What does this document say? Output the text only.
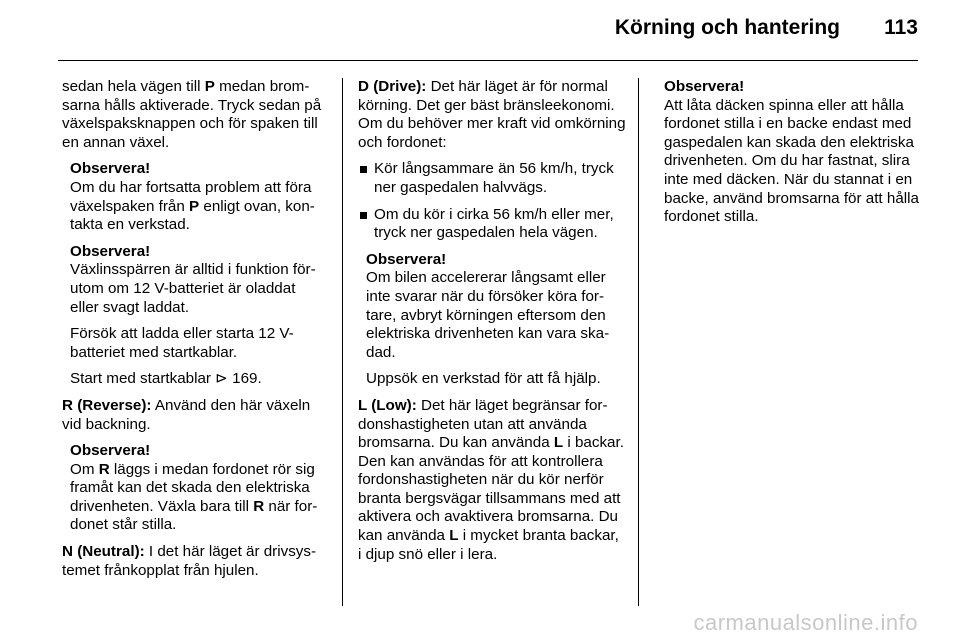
Körning och hantering 113

sedan hela vägen till P medan bromsarna hålls aktiverade. Tryck sedan på växelspaksknappen och för spaken till en annan växel.

Observera!
Om du har fortsatta problem att föra växelspaken från P enligt ovan, kontakta en verkstad.

Observera!
Växlinsspärren är alltid i funktion förutom om 12 V-batteriet är oladdat eller svagt laddat.

Försök att ladda eller starta 12 V-batteriet med startkablar.

Start med startkablar ⊳ 169.

R (Reverse): Använd den här växeln vid backning.

Observera!
Om R läggs i medan fordonet rör sig framåt kan det skada den elektriska drivenheten. Växla bara till R när fordonet står stilla.

N (Neutral): I det här läget är drivsystemet frånkopplat från hjulen.

D (Drive): Det här läget är för normal körning. Det ger bäst bränsleekonomi. Om du behöver mer kraft vid omkörning och fordonet:

Kör långsammare än 56 km/h, tryck ner gaspedalen halvvägs.
Om du kör i cirka 56 km/h eller mer, tryck ner gaspedalen hela vägen.

Observera!
Om bilen accelererar långsamt eller inte svarar när du försöker köra fortare, avbryt körningen eftersom den elektriska drivenheten kan vara skadad.

Uppsök en verkstad för att få hjälp.

L (Low): Det här läget begränsar fordonshastigheten utan att använda bromsarna. Du kan använda L i backar. Den kan användas för att kontrollera fordonshastigheten när du kör nerför branta bergsvägar tillsammans med att aktivera och avaktivera bromsarna. Du kan använda L i mycket branta backar, i djup snö eller i lera.

Observera!
Att låta däcken spinna eller att hålla fordonet stilla i en backe endast med gaspedalen kan skada den elektriska drivenheten. Om du har fastnat, slira inte med däcken. När du stannat i en backe, använd bromsarna för att hålla fordonet stilla.

carmanualsonline.info
